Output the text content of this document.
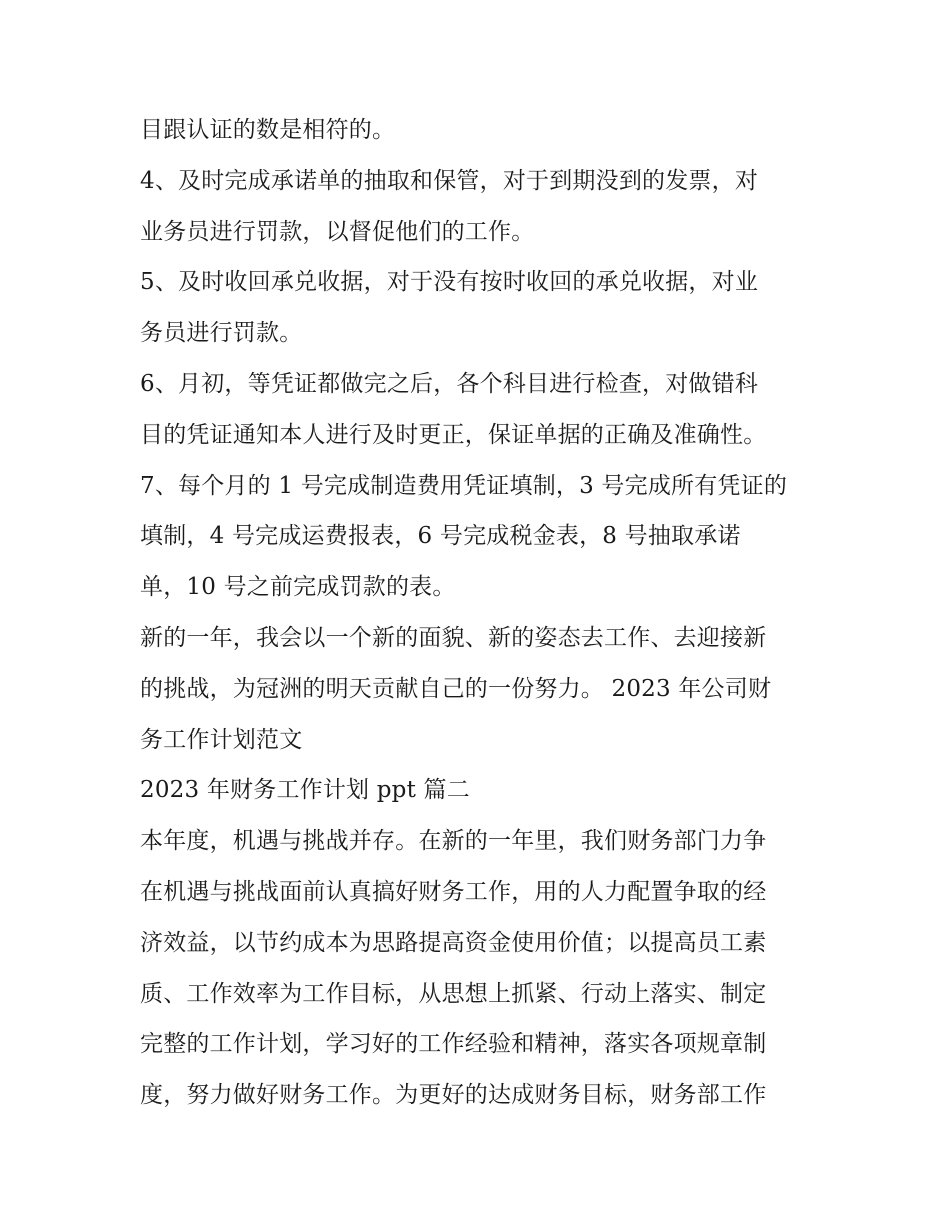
目跟认证的数是相符的。
4、及时完成承诺单的抽取和保管，对于到期没到的发票，对
业务员进行罚款，以督促他们的工作。
5、及时收回承兑收据，对于没有按时收回的承兑收据，对业
务员进行罚款。
6、月初，等凭证都做完之后，各个科目进行检查，对做错科
目的凭证通知本人进行及时更正，保证单据的正确及准确性。
7、每个月的 1 号完成制造费用凭证填制，3 号完成所有凭证的
填制，4 号完成运费报表，6 号完成税金表，8 号抽取承诺
单，10 号之前完成罚款的表。
新的一年，我会以一个新的面貌、新的姿态去工作、去迎接新
的挑战，为冠洲的明天贡献自己的一份努力。 2023 年公司财
务工作计划范文
2023 年财务工作计划 ppt 篇二
本年度，机遇与挑战并存。在新的一年里，我们财务部门力争
在机遇与挑战面前认真搞好财务工作，用的人力配置争取的经
济效益，以节约成本为思路提高资金使用价值；以提高员工素
质、工作效率为工作目标，从思想上抓紧、行动上落实、制定
完整的工作计划，学习好的工作经验和精神，落实各项规章制
度，努力做好财务工作。为更好的达成财务目标，财务部工作
